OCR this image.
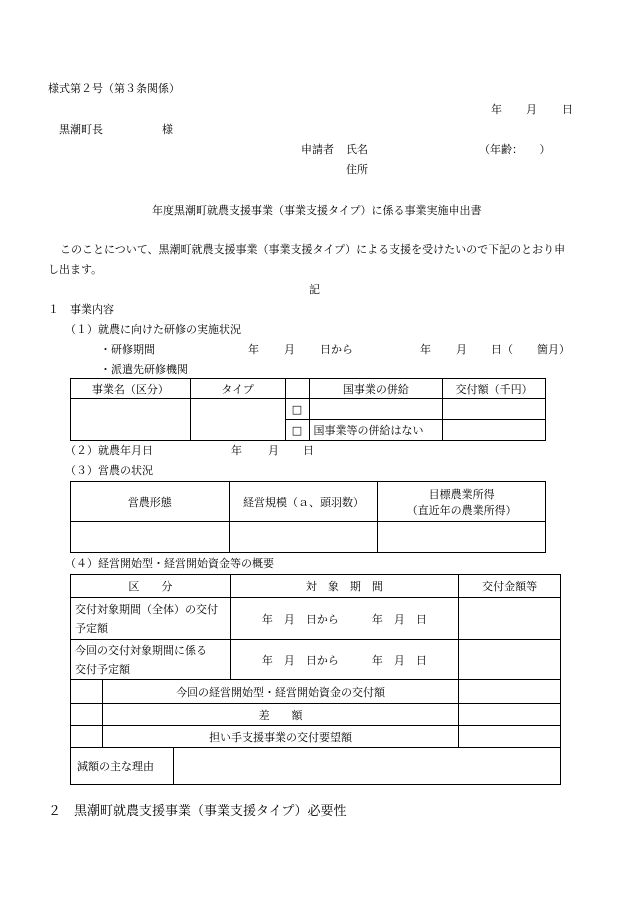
様式第２号（第３条関係）
年 月 日
黒潮町長	様
申請者 氏名	（年齢：　　）
住所
年度黒潮町就農支援事業（事業支援タイプ）に係る事業実施申出書
このことについて、黒潮町就農支援事業（事業支援タイプ）による支援を受けたいので下記のとおり申
し出ます。
記
１　事業内容
（１）就農に向けた研修の実施状況
・研修期間	年 月 日から	年 月 日（ 箇月）
・派遣先研修機関
事業名（区分）	タイプ		国事業の併給	交付額（千円）
		□		
		□	国事業等の併給はない	
（２）就農年月日	年 月 日
（３）営農の状況
営農形態	経営規模（ａ、頭羽数）	目標農業所得
（直近年の農業所得）

（４）経営開始型・経営開始資金等の概要
区　　分		対　象　期　間	交付金額等

交付対象期間（全体）の交付
予定額		年　月　日から　　　年　月　日	

今回の交付対象期間に係る
交付予定額		年　月　日から　　　年　月　日	
	今回の経営開始型・経営開始資金の交付額		
	差　　額		
	担い手支援事業の交付要望額		

減額の主な理由			
２　黒潮町就農支援事業（事業支援タイプ）必要性
